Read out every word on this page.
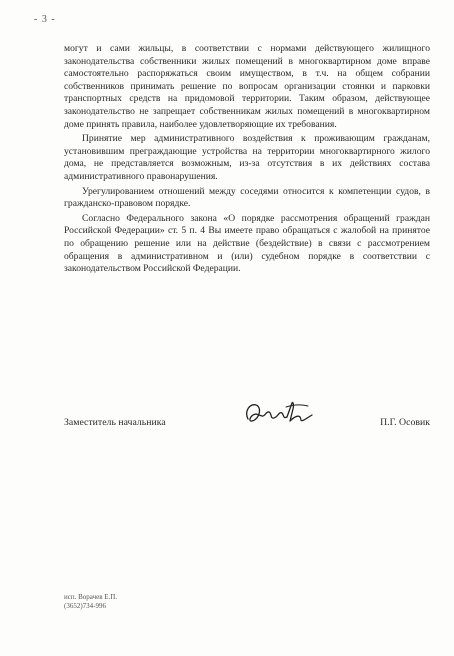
- 3 -

могут и сами жильцы, в соответствии с нормами действующего жилищного законодательства собственники жилых помещений в многоквартирном доме вправе самостоятельно распоряжаться своим имуществом, в т.ч. на общем собрании собственников принимать решение по вопросам организации стоянки и парковки транспортных средств на придомовой территории. Таким образом, действующее законодательство не запрещает собственникам жилых помещений в многоквартирном доме принять правила, наиболее удовлетворяющие их требования.

Принятие мер административного воздействия к проживающим гражданам, установившим преграждающие устройства на территории многоквартирного жилого дома, не представляется возможным, из-за отсутствия в их действиях состава административного правонарушения.

Урегулированием отношений между соседями относится к компетенции судов, в гражданско-правовом порядке.

Согласно Федерального закона «О порядке рассмотрения обращений граждан Российской Федерации» ст. 5 п. 4 Вы имеете право обращаться с жалобой на принятое по обращению решение или на действие (бездействие) в связи с рассмотрением обращения в административном и (или) судебном порядке в соответствии с законодательством Российской Федерации.

Заместитель начальника	П.Г. Осовик
исп. Ворачев Е.П.
(3652)734-996
